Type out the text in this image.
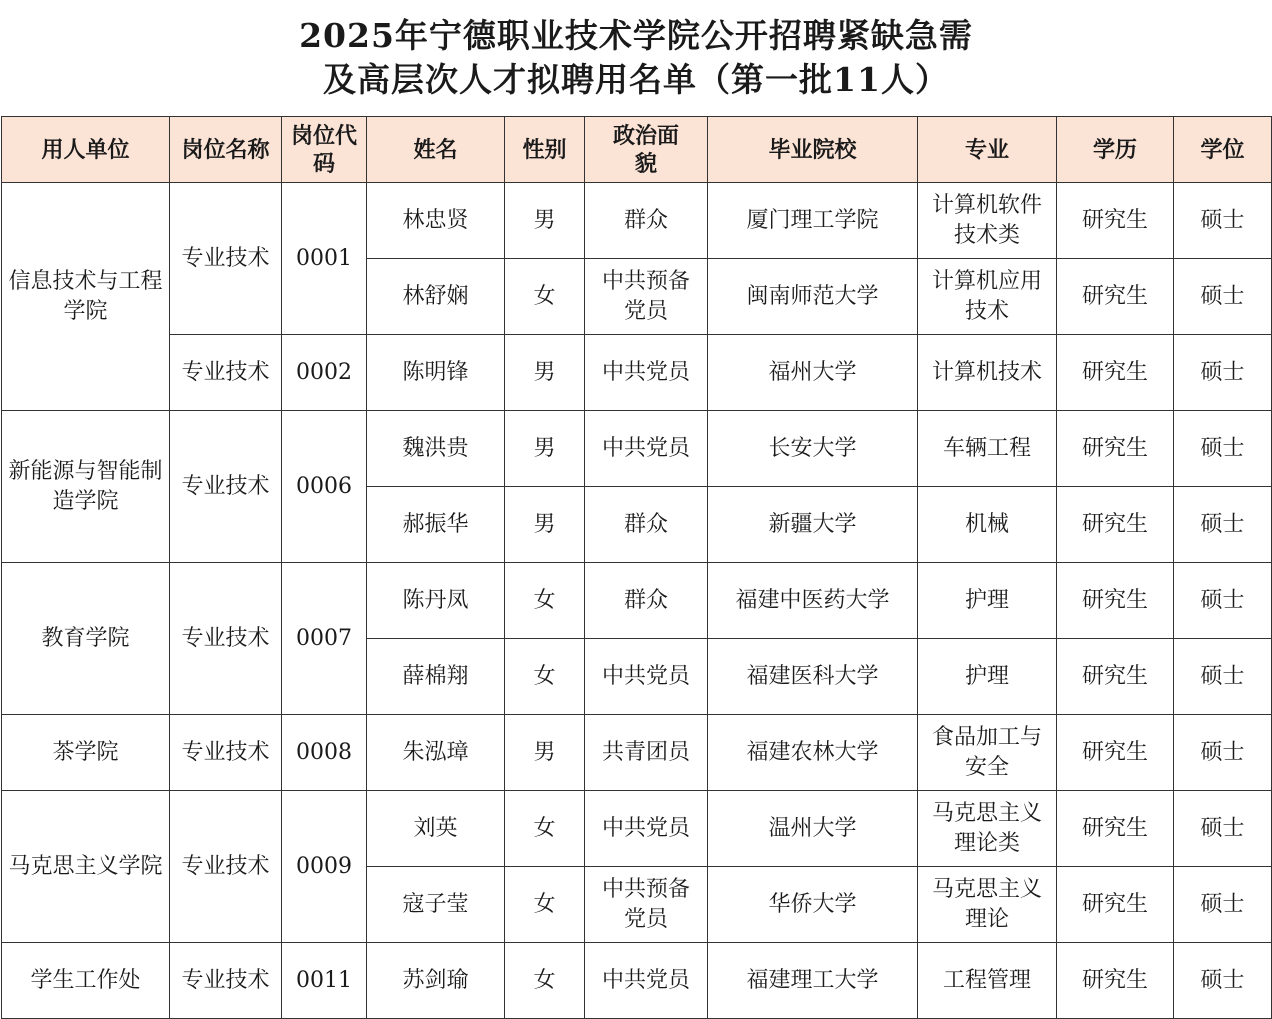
2025年宁德职业技术学院公开招聘紧缺急需
及高层次人才拟聘用名单（第一批11人）
用人单位	岗位名称	岗位代码	姓名	性别	政治面貌	毕业院校	专业	学历	学位
信息技术与工程学院	专业技术	0001	林忠贤	男	群众	厦门理工学院	计算机软件技术类	研究生	硕士
			林舒娴	女	中共预备党员	闽南师范大学	计算机应用技术	研究生	硕士
	专业技术	0002	陈明锋	男	中共党员	福州大学	计算机技术	研究生	硕士
新能源与智能制造学院	专业技术	0006	魏洪贵	男	中共党员	长安大学	车辆工程	研究生	硕士
			郝振华	男	群众	新疆大学	机械	研究生	硕士
教育学院	专业技术	0007	陈丹凤	女	群众	福建中医药大学	护理	研究生	硕士
			薛棉翔	女	中共党员	福建医科大学	护理	研究生	硕士
茶学院	专业技术	0008	朱泓璋	男	共青团员	福建农林大学	食品加工与安全	研究生	硕士
马克思主义学院	专业技术	0009	刘英	女	中共党员	温州大学	马克思主义理论类	研究生	硕士
			寇子莹	女	中共预备党员	华侨大学	马克思主义理论	研究生	硕士
学生工作处	专业技术	0011	苏剑瑜	女	中共党员	福建理工大学	工程管理	研究生	硕士
